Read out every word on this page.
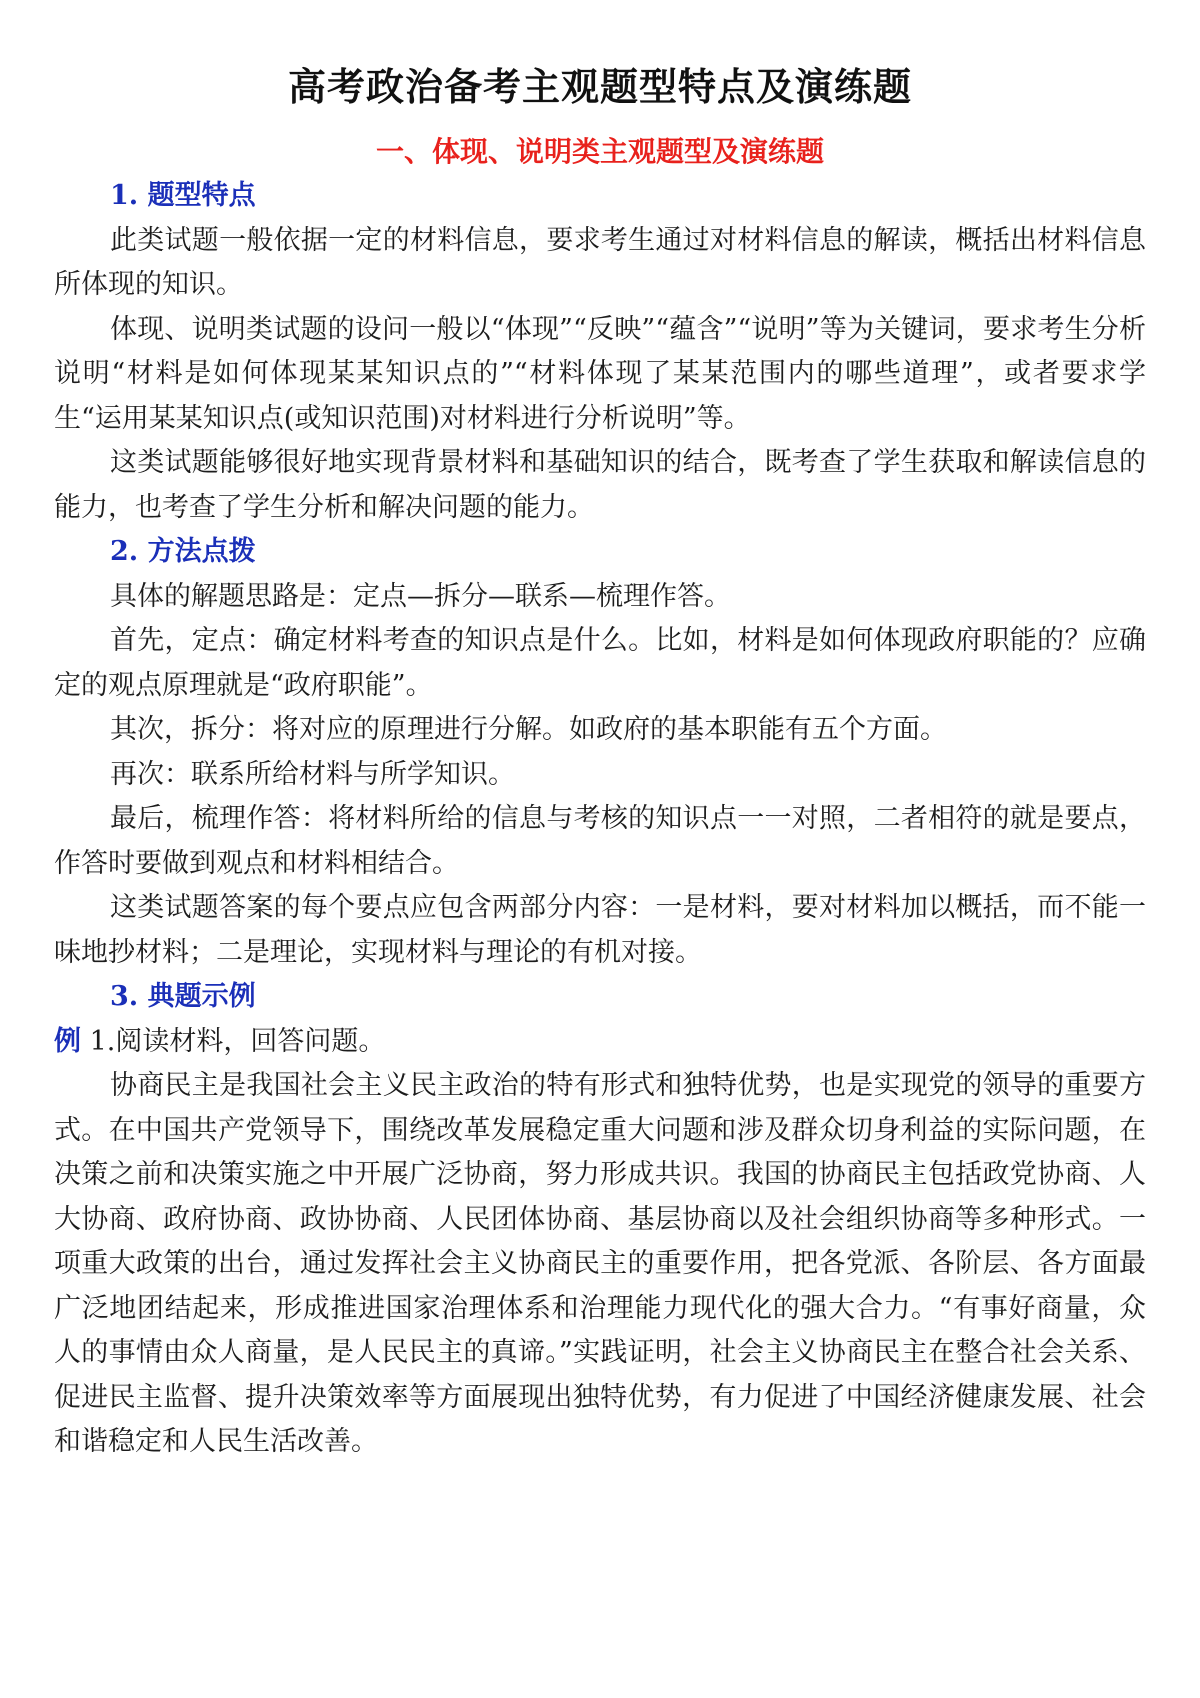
高考政治备考主观题型特点及演练题
一、体现、说明类主观题型及演练题
1. 题型特点

此类试题一般依据一定的材料信息，要求考生通过对材料信息的解读，概括出材料信息所体现的知识。

体现、说明类试题的设问一般以“体现”“反映”“蕴含”“说明”等为关键词，要求考生分析说明“材料是如何体现某某知识点的”“材料体现了某某范围内的哪些道理”，或者要求学生“运用某某知识点(或知识范围)对材料进行分析说明”等。

这类试题能够很好地实现背景材料和基础知识的结合，既考查了学生获取和解读信息的能力，也考查了学生分析和解决问题的能力。

2. 方法点拨

具体的解题思路是：定点—拆分—联系—梳理作答。

首先，定点：确定材料考查的知识点是什么。比如，材料是如何体现政府职能的？应确定的观点原理就是“政府职能”。

其次，拆分：将对应的原理进行分解。如政府的基本职能有五个方面。

再次：联系所给材料与所学知识。

最后，梳理作答：将材料所给的信息与考核的知识点一一对照，二者相符的就是要点，作答时要做到观点和材料相结合。

这类试题答案的每个要点应包含两部分内容：一是材料，要对材料加以概括，而不能一味地抄材料；二是理论，实现材料与理论的有机对接。

3. 典题示例

例 1.阅读材料，回答问题。

协商民主是我国社会主义民主政治的特有形式和独特优势，也是实现党的领导的重要方式。在中国共产党领导下，围绕改革发展稳定重大问题和涉及群众切身利益的实际问题，在决策之前和决策实施之中开展广泛协商，努力形成共识。我国的协商民主包括政党协商、人大协商、政府协商、政协协商、人民团体协商、基层协商以及社会组织协商等多种形式。一项重大政策的出台，通过发挥社会主义协商民主的重要作用，把各党派、各阶层、各方面最广泛地团结起来，形成推进国家治理体系和治理能力现代化的强大合力。“有事好商量，众人的事情由众人商量，是人民民主的真谛。”实践证明，社会主义协商民主在整合社会关系、促进民主监督、提升决策效率等方面展现出独特优势，有力促进了中国经济健康发展、社会和谐稳定和人民生活改善。
